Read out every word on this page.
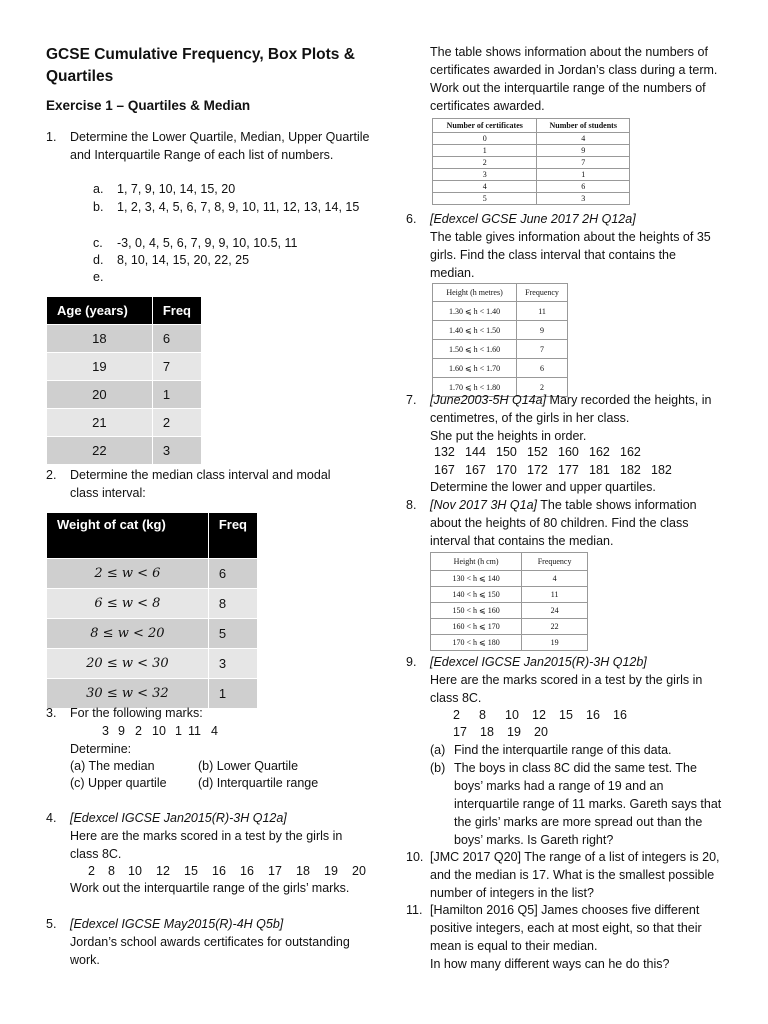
GCSE Cumulative Frequency, Box Plots & Quartiles
Exercise 1 – Quartiles & Median
1. Determine the Lower Quartile, Median, Upper Quartile and Interquartile Range of each list of numbers.
a.	1, 7, 9, 10, 14, 15, 20
b.	1, 2, 3, 4, 5, 6, 7, 8, 9, 10, 11, 12, 13, 14, 15
c.	-3, 0, 4, 5, 6, 7, 9, 9, 10, 10.5, 11
d.	8, 10, 14, 15, 20, 22, 25
e.
Age (years)	Freq
18	6
19	7
20	1
21	2
22	3
2. Determine the median class interval and modal class interval:
Weight of cat (kg)	Freq
2 ≤ w < 6	6
6 ≤ w < 8	8
8 ≤ w < 20	5
20 ≤ w < 30	3
30 ≤ w < 32	1
3. For the following marks:
3 9 2 10 1 11 4
Determine:
(a) The median	(b) Lower Quartile
(c) Upper quartile	(d) Interquartile range
4. [Edexcel IGCSE Jan2015(R)-3H Q12a]
Here are the marks scored in a test by the girls in class 8C.
2 8 10 12 15 16 16 17 18 19 20
Work out the interquartile range of the girls’ marks.
5. [Edexcel IGCSE May2015(R)-4H Q5b]
Jordan’s school awards certificates for outstanding work.
The table shows information about the numbers of certificates awarded in Jordan’s class during a term. Work out the interquartile range of the numbers of certificates awarded.
Number of certificates	Number of students
0	4
1	9
2	7
3	1
4	6
5	3
6. [Edexcel GCSE June 2017 2H Q12a]
The table gives information about the heights of 35 girls. Find the class interval that contains the median.
Height (h metres)	Frequency
1.30 ⩽ h < 1.40	11
1.40 ⩽ h < 1.50	9
1.50 ⩽ h < 1.60	7
1.60 ⩽ h < 1.70	6
1.70 ⩽ h < 1.80	2
7. [June2003-5H Q14a] Mary recorded the heights, in centimetres, of the girls in her class.
She put the heights in order.
132 144 150 152 160 162 162
167 167 170 172 177 181 182 182
Determine the lower and upper quartiles.
8. [Nov 2017 3H Q1a] The table shows information about the heights of 80 children. Find the class interval that contains the median.
Height (h cm)	Frequency
130 < h ⩽ 140	4
140 < h ⩽ 150	11
150 < h ⩽ 160	24
160 < h ⩽ 170	22
170 < h ⩽ 180	19
9. [Edexcel IGCSE Jan2015(R)-3H Q12b]
Here are the marks scored in a test by the girls in class 8C.
2 8 10 12 15 16 16
17 18 19 20
(a) Find the interquartile range of this data.
(b) The boys in class 8C did the same test. The boys’ marks had a range of 19 and an interquartile range of 11 marks. Gareth says that the girls’ marks are more spread out than the boys’ marks. Is Gareth right?
10. [JMC 2017 Q20] The range of a list of integers is 20, and the median is 17. What is the smallest possible number of integers in the list?
11. [Hamilton 2016 Q5] James chooses five different positive integers, each at most eight, so that their mean is equal to their median.
In how many different ways can he do this?
